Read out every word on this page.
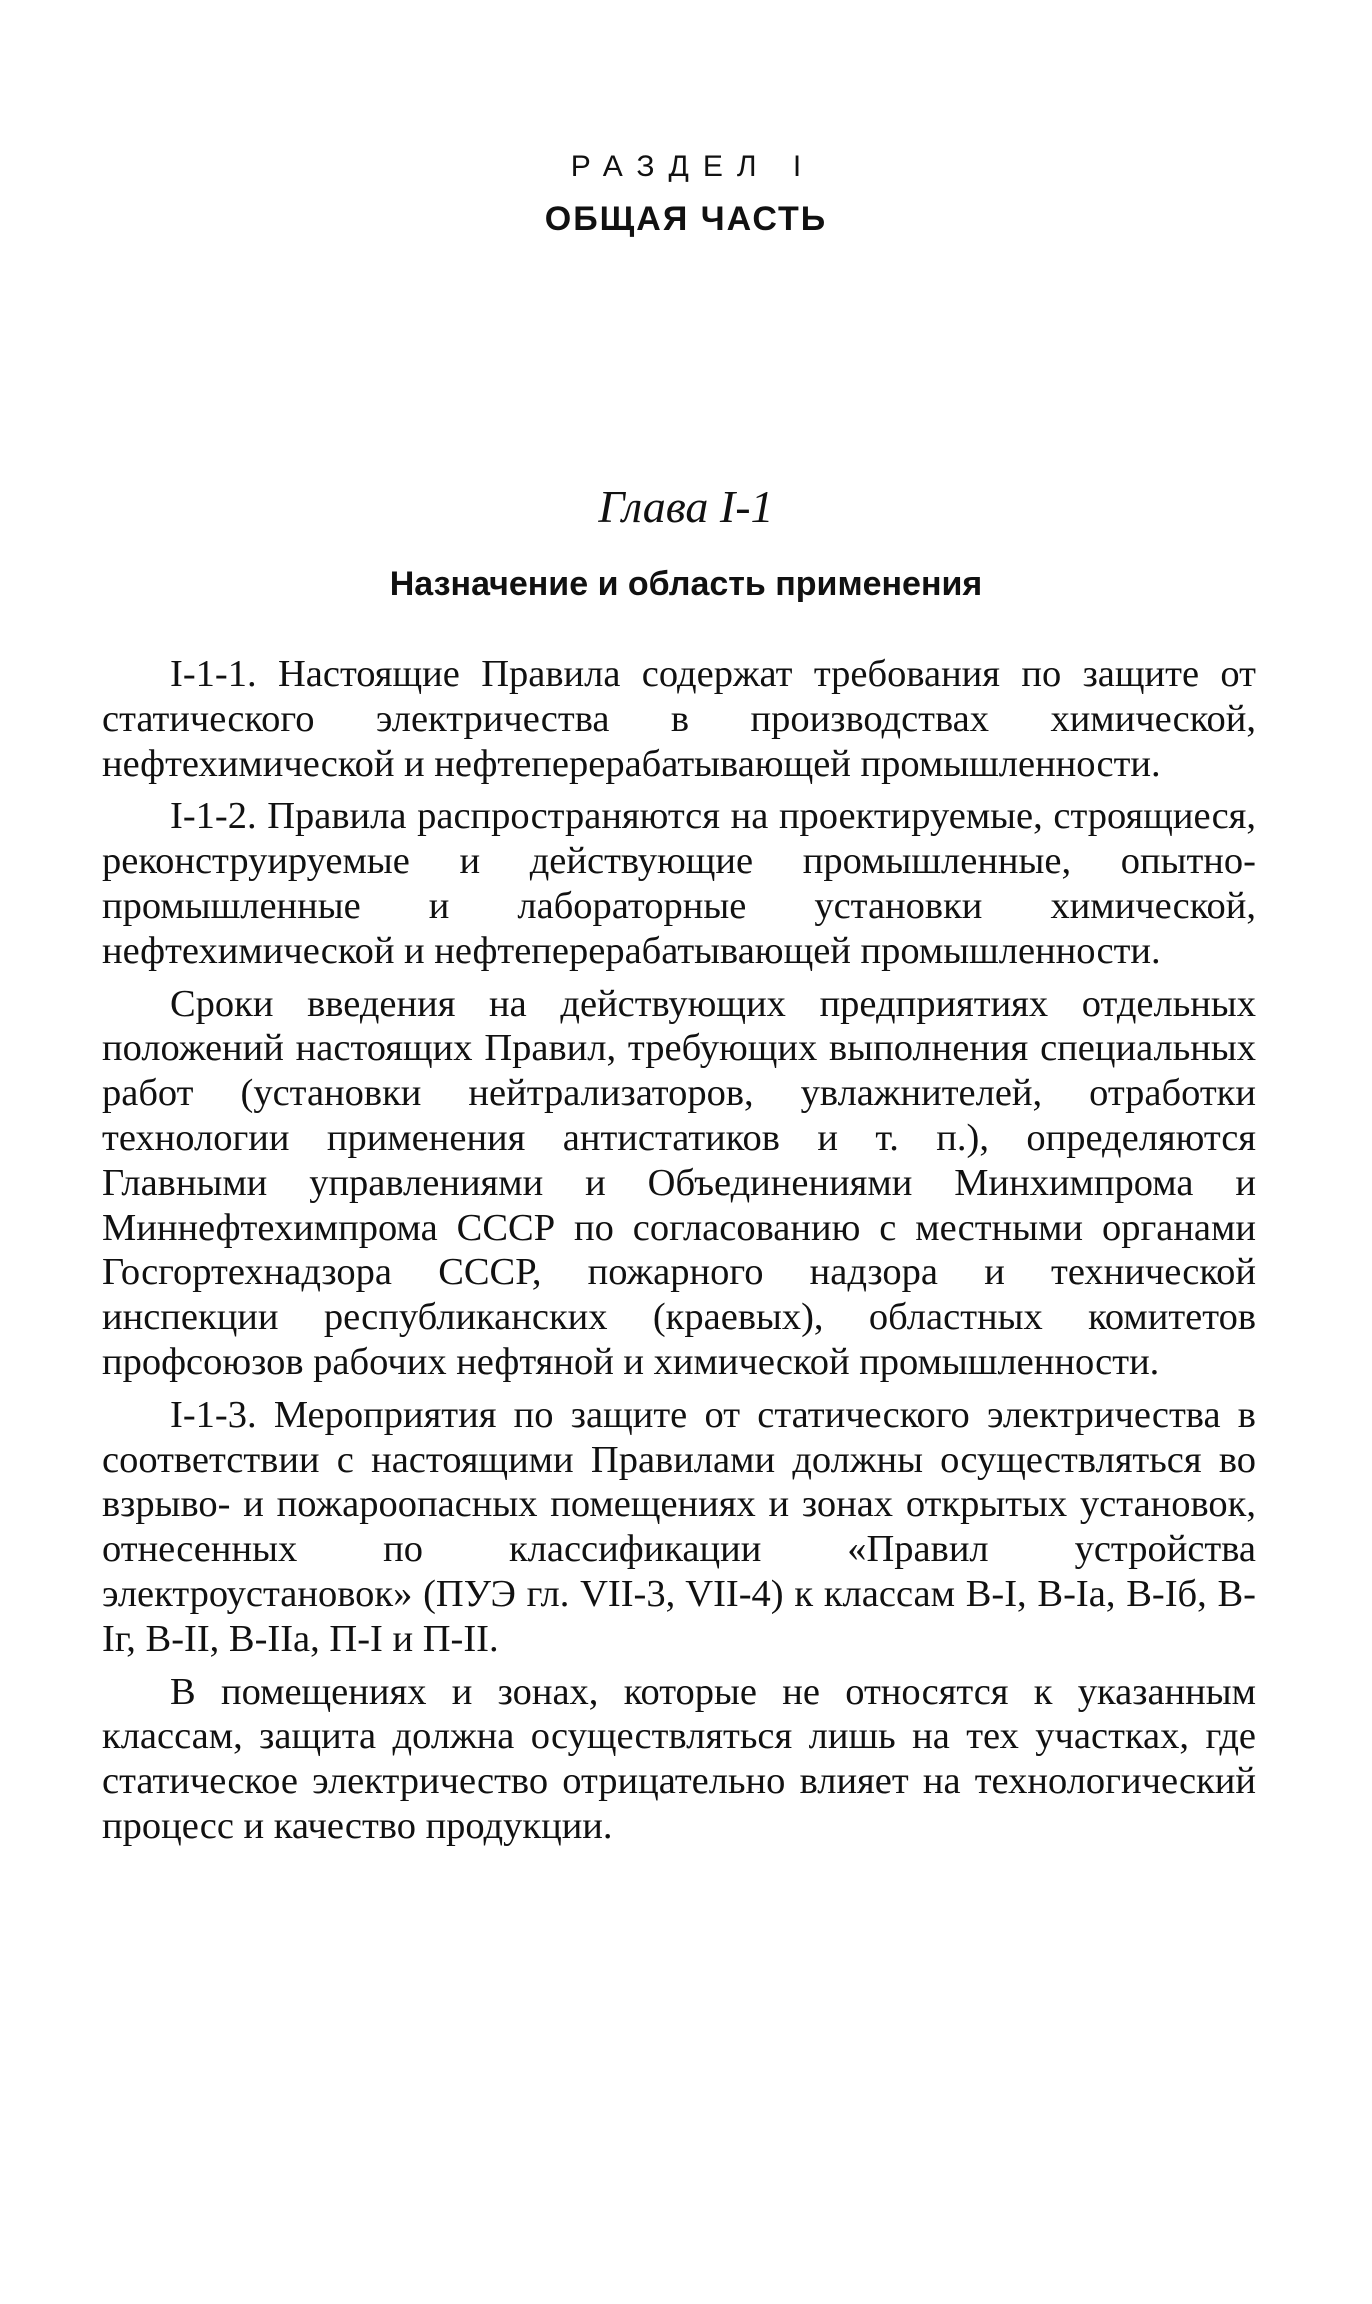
РАЗДЕЛ I
ОБЩАЯ ЧАСТЬ
Глава I-1
Назначение и область применения

I-1-1. Настоящие Правила содержат требования по защите от статического электричества в производствах химической, нефтехимической и нефтеперерабатывающей промышленности.

I-1-2. Правила распространяются на проектируемые, строящиеся, реконструируемые и действующие промышленные, опытно-промышленные и лабораторные установки химической, нефтехимической и нефтеперерабатывающей промышленности.

Сроки введения на действующих предприятиях отдельных положений настоящих Правил, требующих выполнения специальных работ (установки нейтрализаторов, увлажнителей, отработки технологии применения антистатиков и т. п.), определяются Главными управлениями и Объединениями Минхимпрома и Миннефтехимпрома СССР по согласованию с местными органами Госгортехнадзора СССР, пожарного надзора и технической инспекции республиканских (краевых), областных комитетов профсоюзов рабочих нефтяной и химической промышленности.

I-1-3. Мероприятия по защите от статического электричества в соответствии с настоящими Правилами должны осуществляться во взрыво- и пожароопасных помещениях и зонах открытых установок, отнесенных по классификации «Правил устройства электроустановок» (ПУЭ гл. VII-3, VII-4) к классам В-I, В-Iа, В-Iб, В-Iг, В-II, В-IIа, П-I и П-II.

В помещениях и зонах, которые не относятся к указанным классам, защита должна осуществляться лишь на тех участках, где статическое электричество отрицательно влияет на технологический процесс и качество продукции.
